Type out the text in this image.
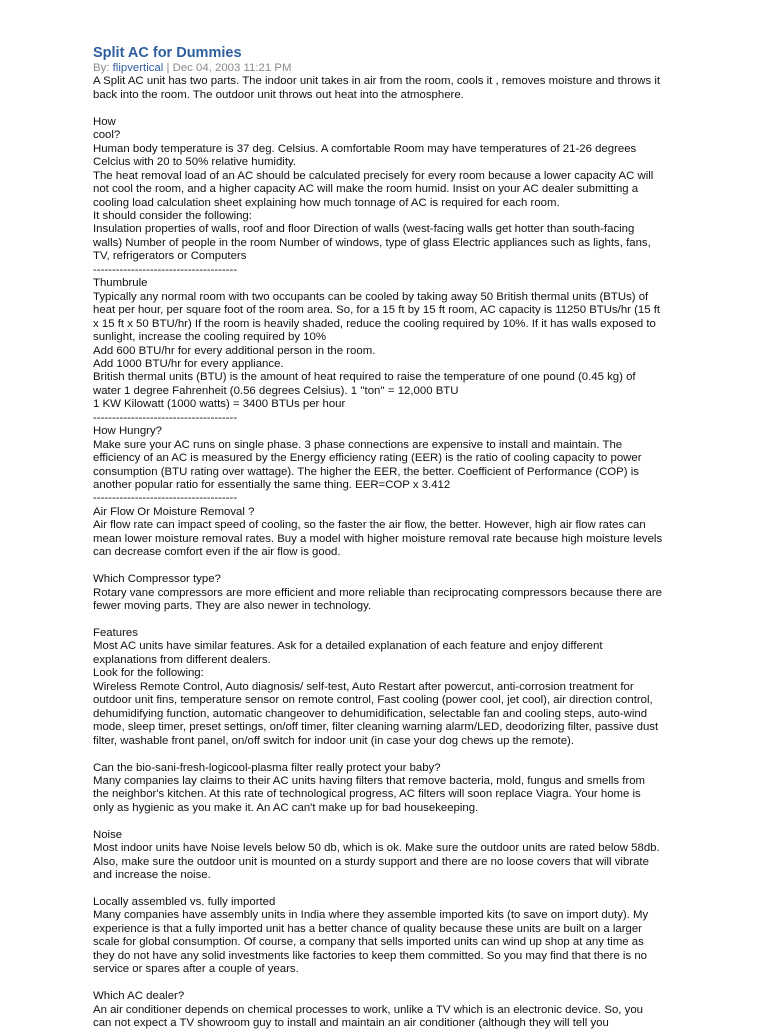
Split AC for Dummies
By: flipvertical | Dec 04, 2003 11:21 PM
A Split AC unit has two parts. The indoor unit takes in air from the room, cools it , removes moisture and throws it
back into the room. The outdoor unit throws out heat into the atmosphere.
How
cool?
Human body temperature is 37 deg. Celsius. A comfortable Room may have temperatures of 21-26 degrees
Celcius with 20 to 50% relative humidity.
The heat removal load of an AC should be calculated precisely for every room because a lower capacity AC will
not cool the room, and a higher capacity AC will make the room humid. Insist on your AC dealer submitting a
cooling load calculation sheet explaining how much tonnage of AC is required for each room.
It should consider the following:
Insulation properties of walls, roof and floor Direction of walls (west-facing walls get hotter than south-facing
walls) Number of people in the room Number of windows, type of glass Electric appliances such as lights, fans,
TV, refrigerators or Computers
--------------------------------------
Thumbrule
Typically any normal room with two occupants can be cooled by taking away 50 British thermal units (BTUs) of
heat per hour, per square foot of the room area. So, for a 15 ft by 15 ft room, AC capacity is 11250 BTUs/hr (15 ft
x 15 ft x 50 BTU/hr) If the room is heavily shaded, reduce the cooling required by 10%. If it has walls exposed to
sunlight, increase the cooling required by 10%
Add 600 BTU/hr for every additional person in the room.
Add 1000 BTU/hr for every appliance.
British thermal units (BTU) is the amount of heat required to raise the temperature of one pound (0.45 kg) of
water 1 degree Fahrenheit (0.56 degrees Celsius). 1 ''ton'' = 12,000 BTU
1 KW Kilowatt (1000 watts) = 3400 BTUs per hour
--------------------------------------
How Hungry?
Make sure your AC runs on single phase. 3 phase connections are expensive to install and maintain. The
efficiency of an AC is measured by the Energy efficiency rating (EER) is the ratio of cooling capacity to power
consumption (BTU rating over wattage). The higher the EER, the better. Coefficient of Performance (COP) is
another popular ratio for essentially the same thing. EER=COP x 3.412
--------------------------------------
Air Flow Or Moisture Removal ?
Air flow rate can impact speed of cooling, so the faster the air flow, the better. However, high air flow rates can
mean lower moisture removal rates. Buy a model with higher moisture removal rate because high moisture levels
can decrease comfort even if the air flow is good.
Which Compressor type?
Rotary vane compressors are more efficient and more reliable than reciprocating compressors because there are
fewer moving parts. They are also newer in technology.
Features
Most AC units have similar features. Ask for a detailed explanation of each feature and enjoy different
explanations from different dealers.
Look for the following:
Wireless Remote Control, Auto diagnosis/ self-test, Auto Restart after powercut, anti-corrosion treatment for
outdoor unit fins, temperature sensor on remote control, Fast cooling (power cool, jet cool), air direction control,
dehumidifying function, automatic changeover to dehumidification, selectable fan and cooling steps, auto-wind
mode, sleep timer, preset settings, on/off timer, filter cleaning warning alarm/LED, deodorizing filter, passive dust
filter, washable front panel, on/off switch for indoor unit (in case your dog chews up the remote).
Can the bio-sani-fresh-logicool-plasma filter really protect your baby?
Many companies lay claims to their AC units having filters that remove bacteria, mold, fungus and smells from
the neighbor's kitchen. At this rate of technological progress, AC filters will soon replace Viagra. Your home is
only as hygienic as you make it. An AC can't make up for bad housekeeping.
Noise
Most indoor units have Noise levels below 50 db, which is ok. Make sure the outdoor units are rated below 58db.
Also, make sure the outdoor unit is mounted on a sturdy support and there are no loose covers that will vibrate
and increase the noise.
Locally assembled vs. fully imported
Many companies have assembly units in India where they assemble imported kits (to save on import duty). My
experience is that a fully imported unit has a better chance of quality because these units are built on a larger
scale for global consumption. Of course, a company that sells imported units can wind up shop at any time as
they do not have any solid investments like factories to keep them committed. So you may find that there is no
service or spares after a couple of years.
Which AC dealer?
An air conditioner depends on chemical processes to work, unlike a TV which is an electronic device. So, you
can not expect a TV showroom guy to install and maintain an air conditioner (although they will tell you
